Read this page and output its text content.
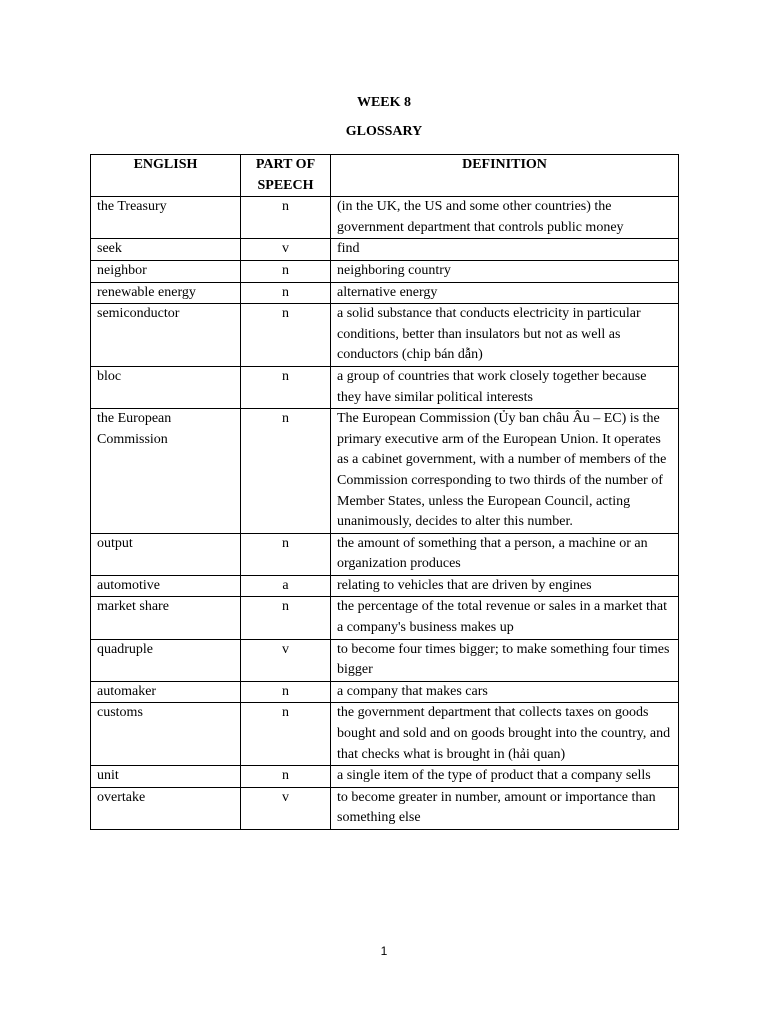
WEEK 8
GLOSSARY
ENGLISH	PART OF SPEECH	DEFINITION
the Treasury	n	(in the UK, the US and some other countries) the government department that controls public money
seek	v	find
neighbor	n	neighboring country
renewable energy	n	alternative energy
semiconductor	n	a solid substance that conducts electricity in particular conditions, better than insulators but not as well as conductors (chip bán dẫn)
bloc	n	a group of countries that work closely together because they have similar political interests
the European Commission	n	The European Commission (Ủy ban châu Âu – EC) is the primary executive arm of the European Union. It operates as a cabinet government, with a number of members of the Commission corresponding to two thirds of the number of Member States, unless the European Council, acting unanimously, decides to alter this number.
output	n	the amount of something that a person, a machine or an organization produces
automotive	a	relating to vehicles that are driven by engines
market share	n	the percentage of the total revenue or sales in a market that a company's business makes up
quadruple	v	to become four times bigger; to make something four times bigger
automaker	n	a company that makes cars
customs	n	the government department that collects taxes on goods bought and sold and on goods brought into the country, and that checks what is brought in (hải quan)
unit	n	a single item of the type of product that a company sells
overtake	v	to become greater in number, amount or importance than something else
1
